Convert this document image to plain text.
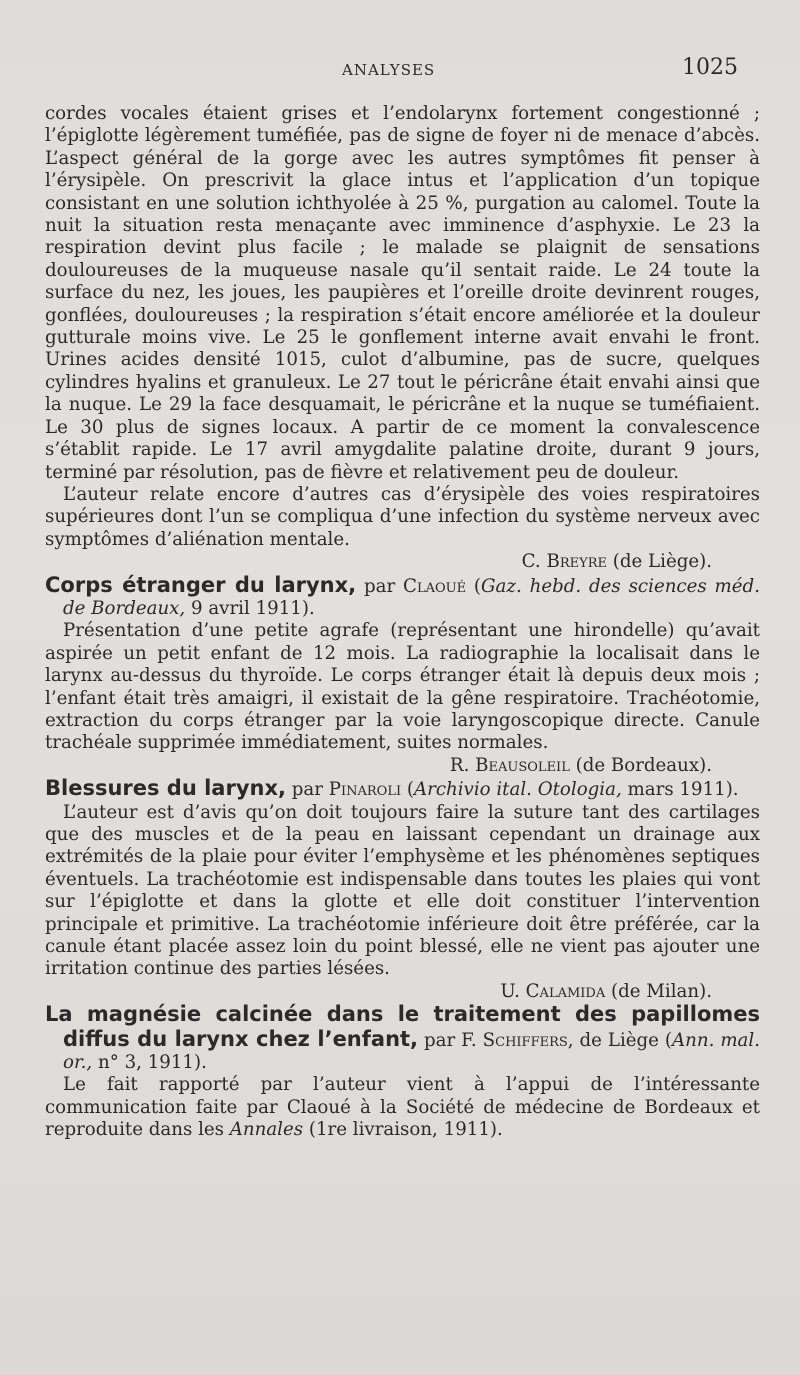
ANALYSES	1025

cordes vocales étaient grises et l’endolarynx fortement congestionné ; l’épiglotte légèrement tuméfiée, pas de signe de foyer ni de menace d’abcès. L’aspect général de la gorge avec les autres symptômes fit penser à l’érysipèle. On prescrivit la glace intus et l’application d’un topique consistant en une solution ichthyolée à 25 %, purgation au calomel. Toute la nuit la situation resta menaçante avec imminence d’asphyxie. Le 23 la respiration devint plus facile ; le malade se plaignit de sensations douloureuses de la muqueuse nasale qu’il sentait raide. Le 24 toute la surface du nez, les joues, les paupières et l’oreille droite devinrent rouges, gonflées, douloureuses ; la respiration s’était encore améliorée et la douleur gutturale moins vive. Le 25 le gonflement interne avait envahi le front. Urines acides densité 1015, culot d’albumine, pas de sucre, quelques cylindres hyalins et granuleux. Le 27 tout le péricrâne était envahi ainsi que la nuque. Le 29 la face desquamait, le péricrâne et la nuque se tuméfiaient. Le 30 plus de signes locaux. A partir de ce moment la convalescence s’établit rapide. Le 17 avril amygdalite palatine droite, durant 9 jours, terminé par résolution, pas de fièvre et relativement peu de douleur.

L’auteur relate encore d’autres cas d’érysipèle des voies respiratoires supérieures dont l’un se compliqua d’une infection du système nerveux avec symptômes d’aliénation mentale.

C. Breyre (de Liège).

Corps étranger du larynx, par Claoué (Gaz. hebd. des sciences méd. de Bordeaux, 9 avril 1911).

Présentation d’une petite agrafe (représentant une hirondelle) qu’avait aspirée un petit enfant de 12 mois. La radiographie la localisait dans le larynx au-dessus du thyroïde. Le corps étranger était là depuis deux mois ; l’enfant était très amaigri, il existait de la gêne respiratoire. Trachéotomie, extraction du corps étranger par la voie laryngoscopique directe. Canule trachéale supprimée immédiatement, suites normales.

R. Beausoleil (de Bordeaux).

Blessures du larynx, par Pinaroli (Archivio ital. Otologia, mars 1911).

L’auteur est d’avis qu’on doit toujours faire la suture tant des cartilages que des muscles et de la peau en laissant cependant un drainage aux extrémités de la plaie pour éviter l’emphysème et les phénomènes septiques éventuels. La trachéotomie est indispensable dans toutes les plaies qui vont sur l’épiglotte et dans la glotte et elle doit constituer l’intervention principale et primitive. La trachéotomie inférieure doit être préférée, car la canule étant placée assez loin du point blessé, elle ne vient pas ajouter une irritation continue des parties lésées.

U. Calamida (de Milan).

La magnésie calcinée dans le traitement des papillomes diffus du larynx chez l’enfant, par F. Schiffers, de Liège (Ann. mal. or., n° 3, 1911).

Le fait rapporté par l’auteur vient à l’appui de l’intéressante communication faite par Claoué à la Société de médecine de Bordeaux et reproduite dans les Annales (1re livraison, 1911).
